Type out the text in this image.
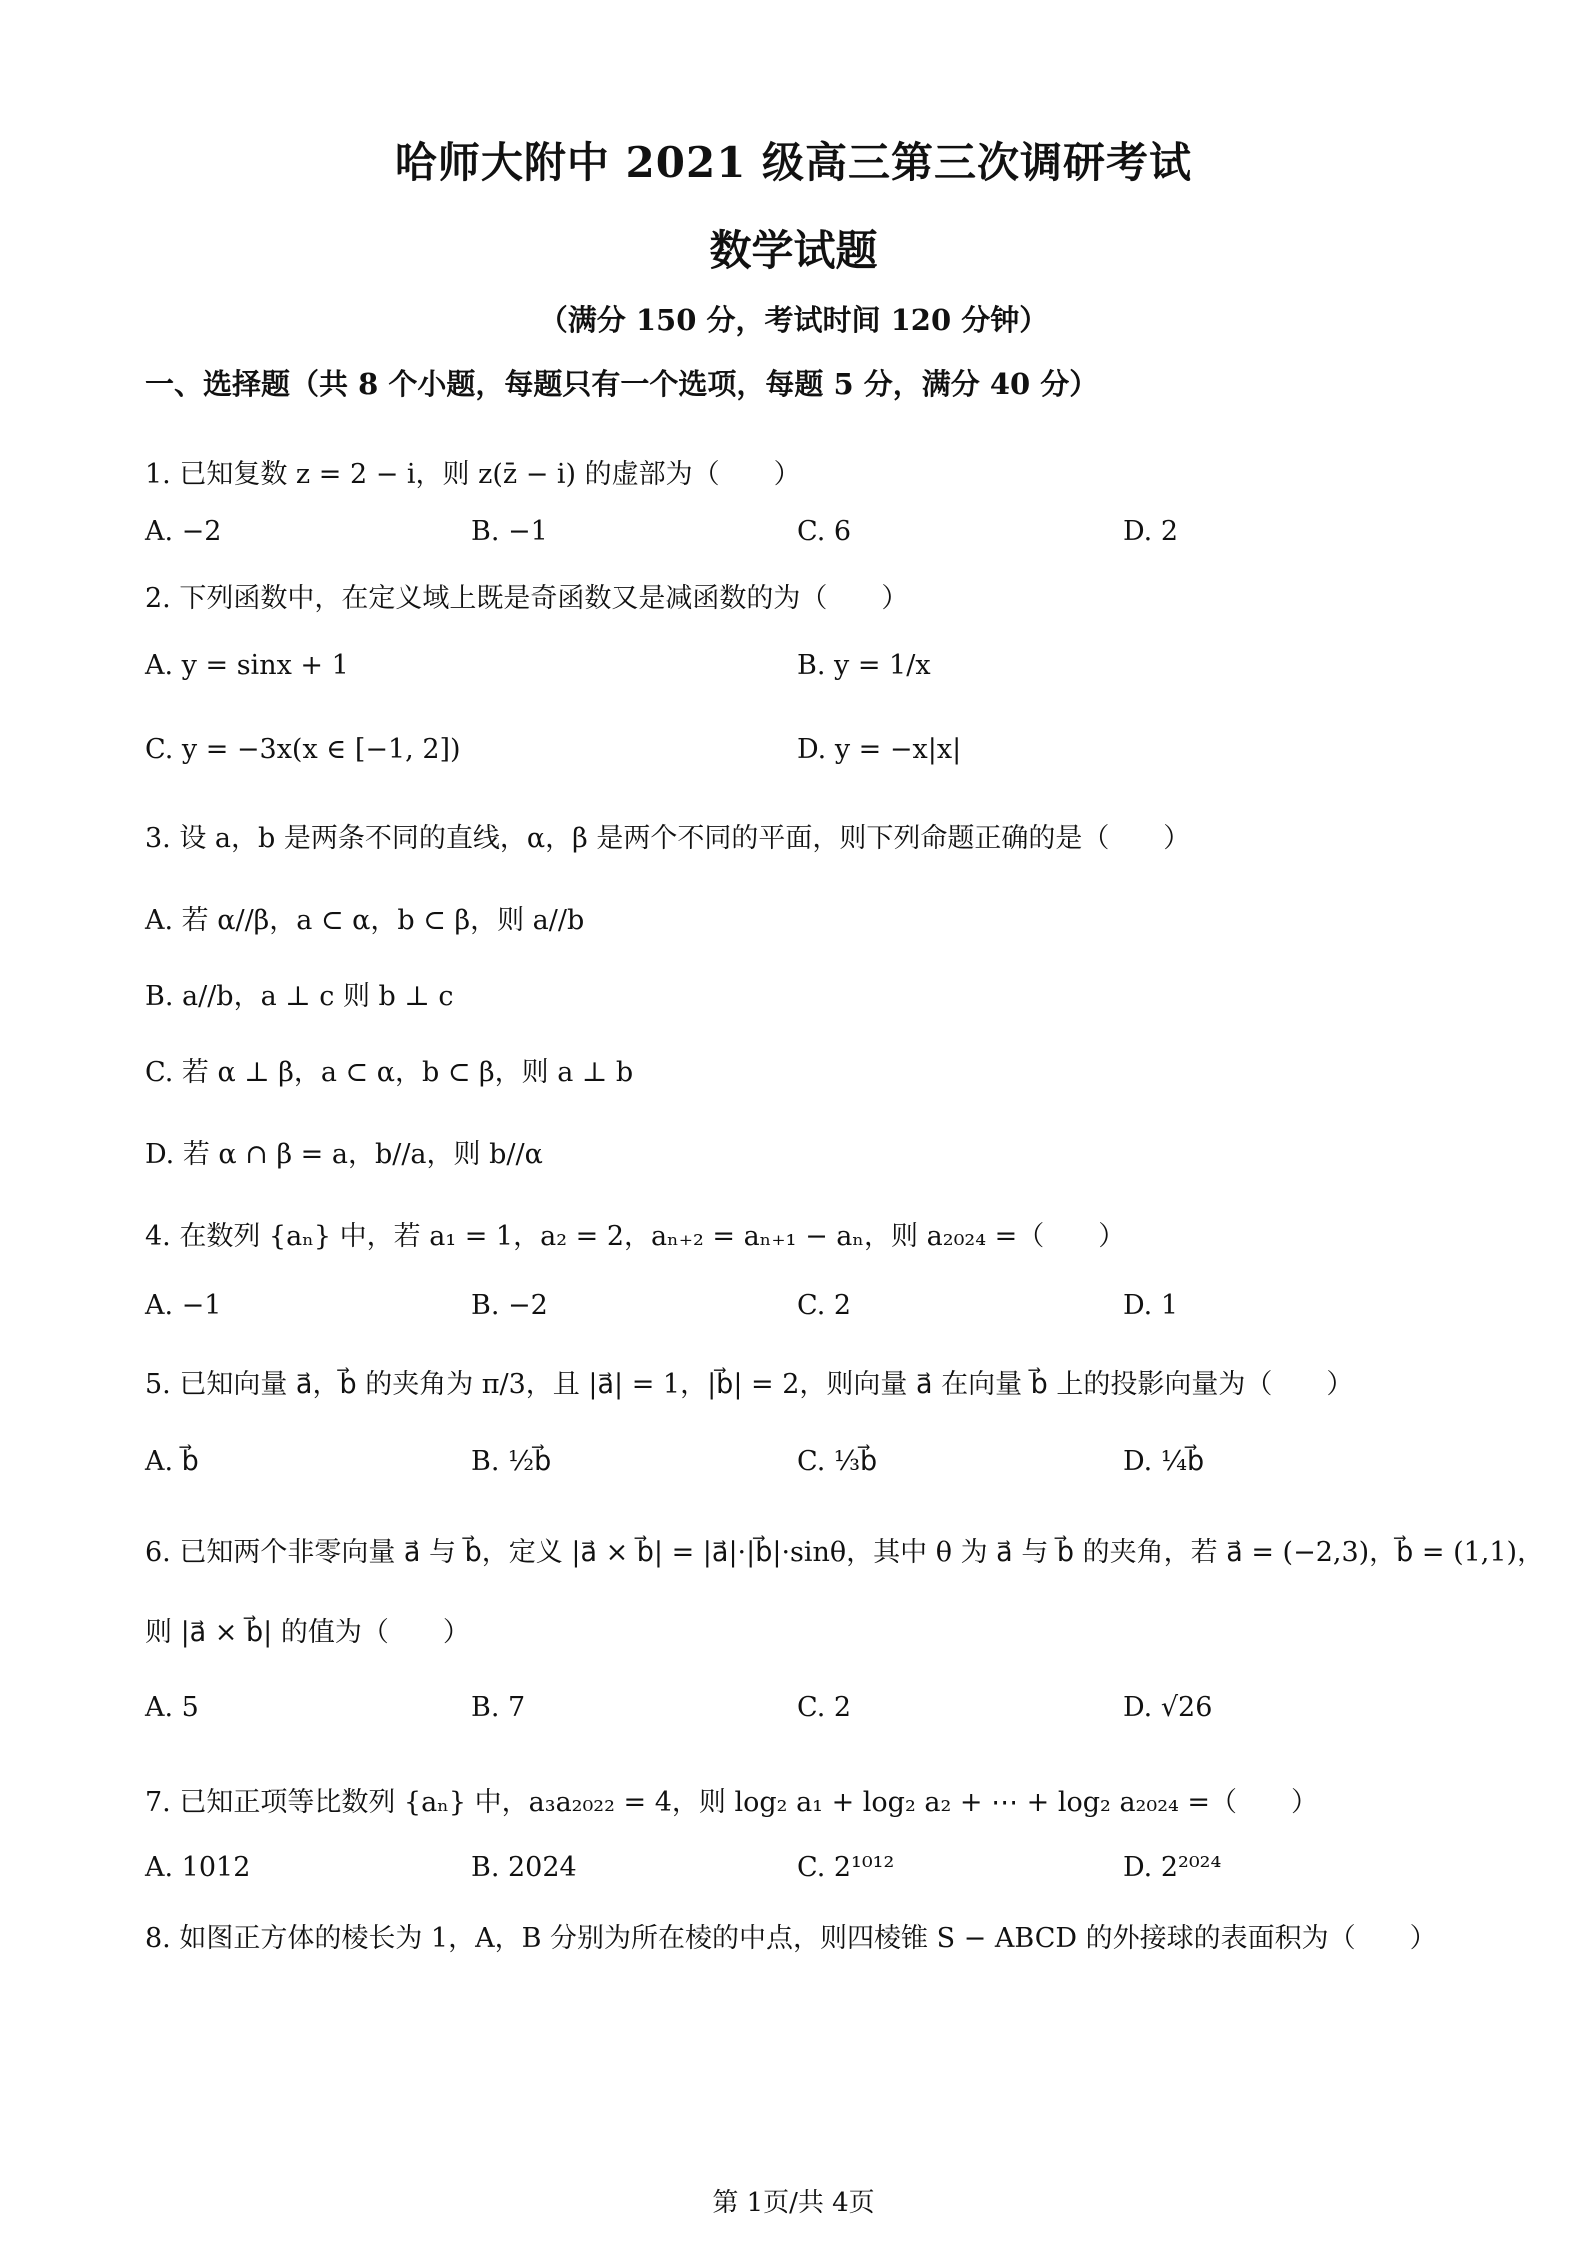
哈师大附中 2021 级高三第三次调研考试
数学试题
（满分 150 分，考试时间 120 分钟）
一、选择题（共 8 个小题，每题只有一个选项，每题 5 分，满分 40 分）
1. 已知复数 z = 2 − i，则 z(z̄ − i) 的虚部为（　　）
A. −2	B. −1	C. 6	D. 2
2. 下列函数中，在定义域上既是奇函数又是减函数的为（　　）
A. y = sinx + 1	B. y = 1/x
C. y = −3x(x ∈ [−1, 2])	D. y = −x|x|
3. 设 a，b 是两条不同的直线，α，β 是两个不同的平面，则下列命题正确的是（　　）
A. 若 α//β，a ⊂ α，b ⊂ β，则 a//b
B. a//b，a ⊥ c 则 b ⊥ c
C. 若 α ⊥ β，a ⊂ α，b ⊂ β，则 a ⊥ b
D. 若 α ∩ β = a，b//a，则 b//α
4. 在数列 {aₙ} 中，若 a₁ = 1，a₂ = 2，aₙ₊₂ = aₙ₊₁ − aₙ，则 a₂₀₂₄ =（　　）
A. −1	B. −2	C. 2	D. 1
5. 已知向量 a⃗，b⃗ 的夹角为 π/3，且 |a⃗| = 1，|b⃗| = 2，则向量 a⃗ 在向量 b⃗ 上的投影向量为（　　）
A. b⃗	B. ½b⃗	C. ⅓b⃗	D. ¼b⃗
6. 已知两个非零向量 a⃗ 与 b⃗，定义 |a⃗ × b⃗| = |a⃗|·|b⃗|·sinθ，其中 θ 为 a⃗ 与 b⃗ 的夹角，若 a⃗ = (−2,3)，b⃗ = (1,1)，
则 |a⃗ × b⃗| 的值为（　　）
A. 5	B. 7	C. 2	D. √26
7. 已知正项等比数列 {aₙ} 中，a₃a₂₀₂₂ = 4，则 log₂ a₁ + log₂ a₂ + ⋯ + log₂ a₂₀₂₄ =（　　）
A. 1012	B. 2024	C. 2¹⁰¹²	D. 2²⁰²⁴
8. 如图正方体的棱长为 1，A，B 分别为所在棱的中点，则四棱锥 S − ABCD 的外接球的表面积为（　　）
第 1页/共 4页
